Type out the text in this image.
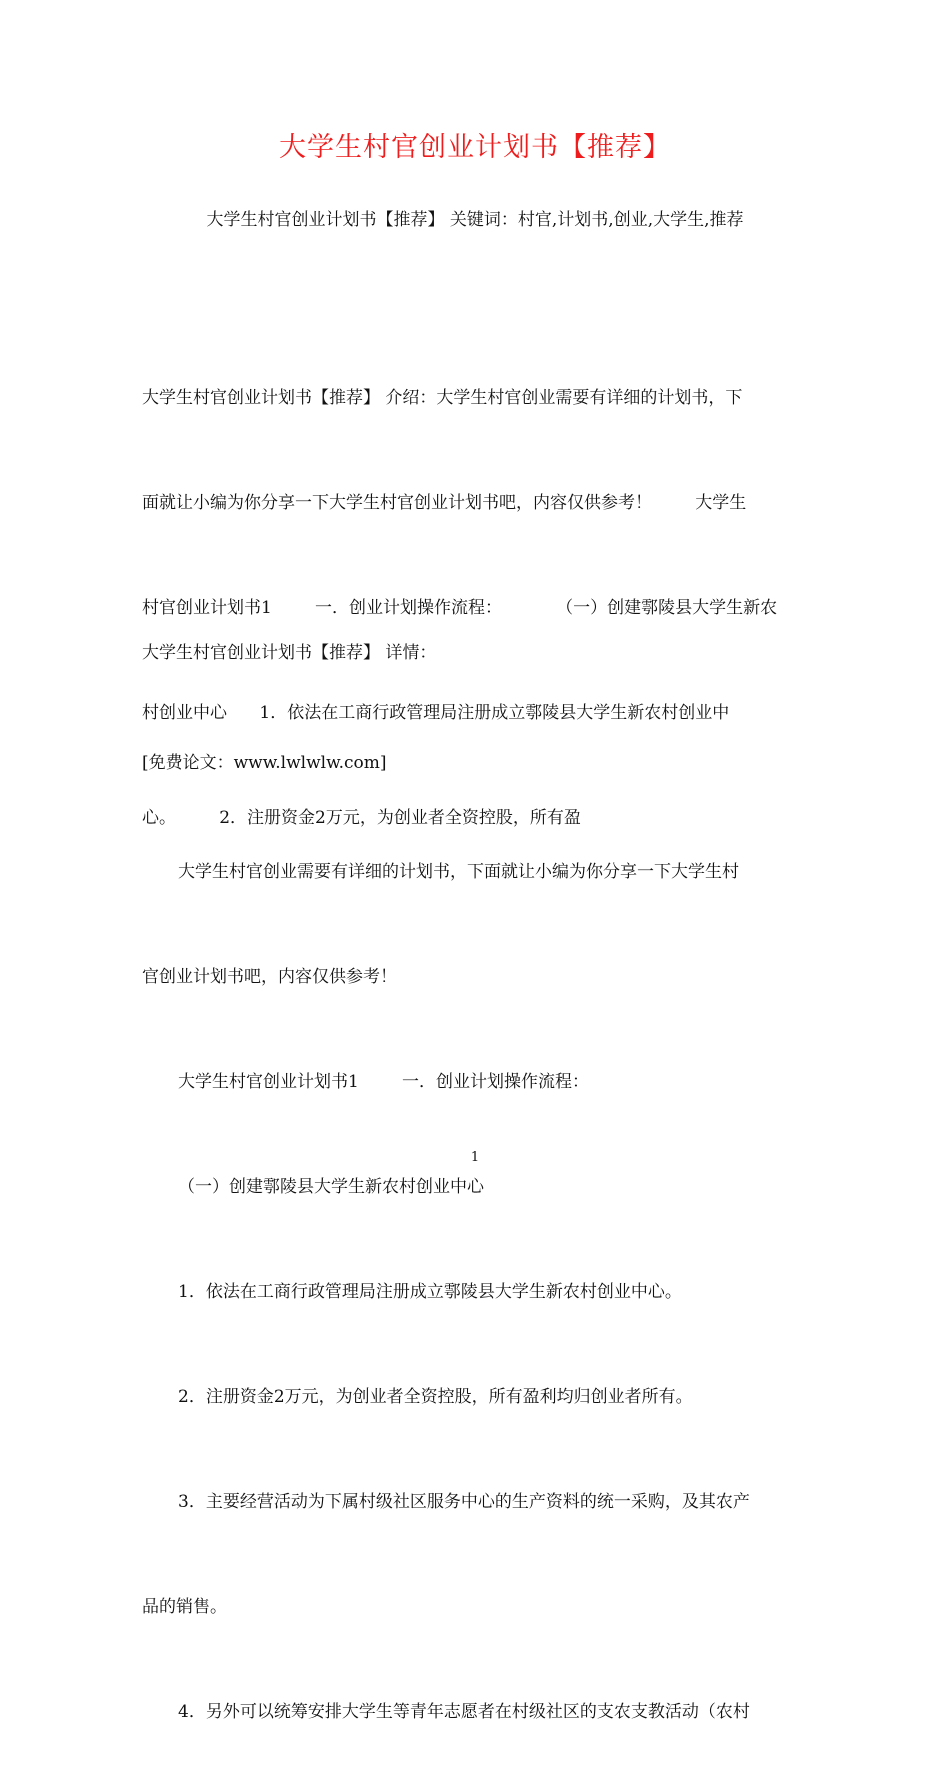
大学生村官创业计划书【推荐】
大学生村官创业计划书【推荐】 关键词：村官,计划书,创业,大学生,推荐

大学生村官创业计划书【推荐】 介绍：大学生村官创业需要有详细的计划书，下

面就让小编为你分享一下大学生村官创业计划书吧，内容仅供参考！        大学生

村官创业计划书1        一．创业计划操作流程：          （一）创建鄠陵县大学生新农

村创业中心      1．依法在工商行政管理局注册成立鄠陵县大学生新农村创业中

心。        2．注册资金2万元，为创业者全资控股，所有盈

大学生村官创业计划书【推荐】 详情：

[免费论文：www.lwlwlw.com]

大学生村官创业需要有详细的计划书，下面就让小编为你分享一下大学生村

官创业计划书吧，内容仅供参考！

大学生村官创业计划书1        一．创业计划操作流程：

（一）创建鄠陵县大学生新农村创业中心

1．依法在工商行政管理局注册成立鄠陵县大学生新农村创业中心。

2．注册资金2万元，为创业者全资控股，所有盈利均归创业者所有。

3．主要经营活动为下属村级社区服务中心的生产资料的统一采购，及其农产

品的销售。

4．另外可以统筹安排大学生等青年志愿者在村级社区的支农支教活动（农村

1
